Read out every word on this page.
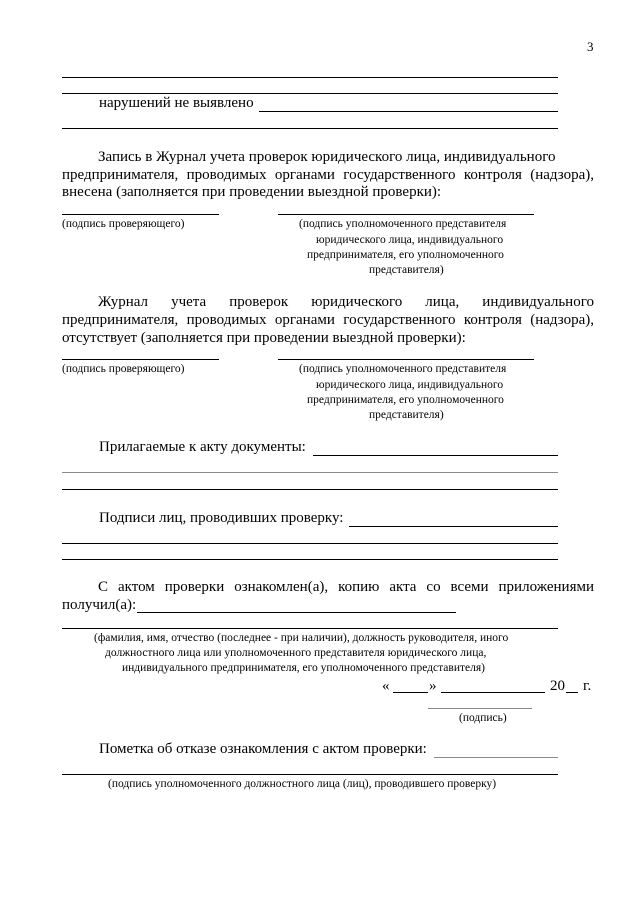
3
нарушений не выявлено
Запись в Журнал учета проверок юридического лица, индивидуального
предпринимателя, проводимых органами государственного контроля (надзора),
внесена (заполняется при проведении выездной проверки):
(подпись проверяющего)	(подпись уполномоченного представителя
юридического лица, индивидуального
предпринимателя, его уполномоченного
представителя)
Журнал учета проверок юридического лица, индивидуального
предпринимателя, проводимых органами государственного контроля (надзора),
отсутствует (заполняется при проведении выездной проверки):
(подпись проверяющего)	(подпись уполномоченного представителя
юридического лица, индивидуального
предпринимателя, его уполномоченного
представителя)
Прилагаемые к акту документы:
Подписи лиц, проводивших проверку:
С актом проверки ознакомлен(а), копию акта со всеми приложениями
получил(а):
(фамилия, имя, отчество (последнее - при наличии), должность руководителя, иного
должностного лица или уполномоченного представителя юридического лица,
индивидуального предпринимателя, его уполномоченного представителя)
«	»	20 г.
(подпись)
Пометка об отказе ознакомления с актом проверки:
(подпись уполномоченного должностного лица (лиц), проводившего проверку)
